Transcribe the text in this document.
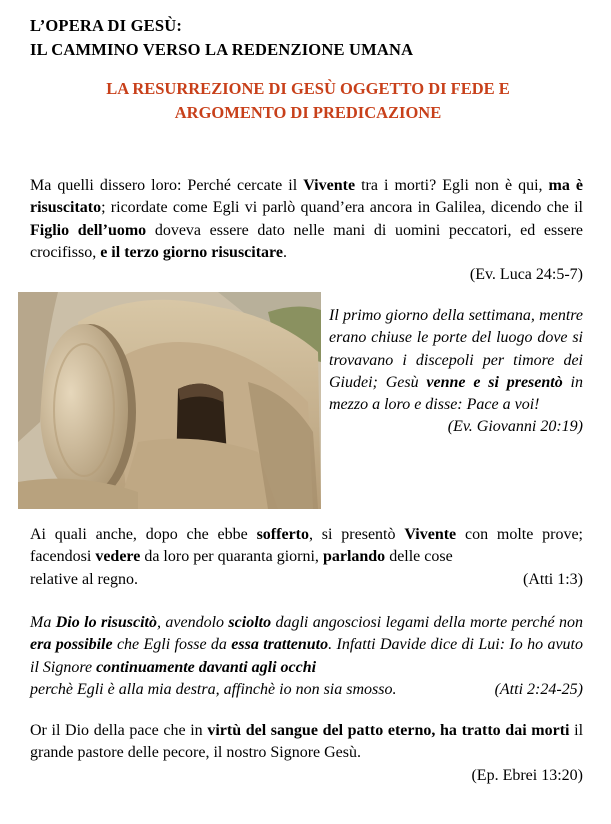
L’OPERA DI GESÙ:
IL CAMMINO VERSO LA REDENZIONE UMANA
LA RESURREZIONE DI GESÙ OGGETTO DI FEDE E
ARGOMENTO DI PREDICAZIONE

Ma quelli dissero loro: Perché cercate il Vivente tra i morti? Egli non è qui, ma è risuscitato; ricordate come Egli vi parlò quand’era ancora in Galilea, dicendo che il Figlio dell’uomo doveva essere dato nelle mani di uomini peccatori, ed essere crocifisso, e il terzo giorno risuscitare.

(Ev. Luca 24:5-7)

Il primo giorno della settimana, mentre erano chiuse le porte del luogo dove si trovavano i discepoli per timore dei Giudei; Gesù venne e si presentò in mezzo a loro e disse: Pace a voi!

(Ev. Giovanni 20:19)

Ai quali anche, dopo che ebbe sofferto, si presentò Vivente con molte prove; facendosi vedere da loro per quaranta giorni, parlando delle cose

relative al regno.	(Atti 1:3)

Ma Dio lo risuscitò, avendolo sciolto dagli angosciosi legami della morte perché non era possibile che Egli fosse da essa trattenuto. Infatti Davide dice di Lui: Io ho avuto il Signore continuamente davanti agli occhi

perchè Egli è alla mia destra, affinchè io non sia smosso.	(Atti 2:24-25)

Or il Dio della pace che in virtù del sangue del patto eterno, ha tratto dai morti il grande pastore delle pecore, il nostro Signore Gesù.

(Ep. Ebrei 13:20)
